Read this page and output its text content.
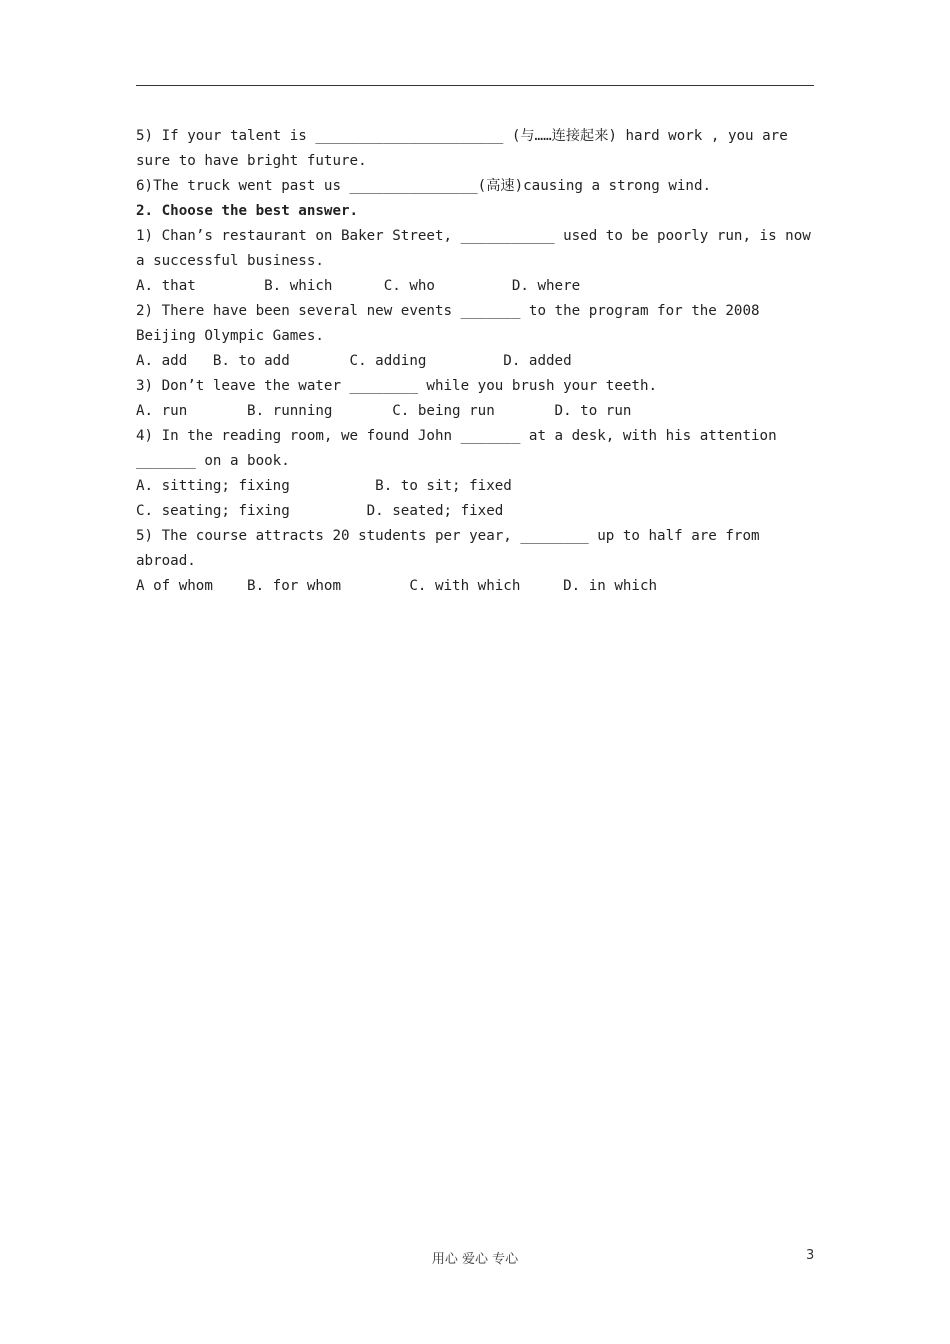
5) If your talent is ______________________ (与……连接起来) hard work , you are
sure to have bright future.
6)The truck went past us _______________(高速)causing a strong wind.
2. Choose the best answer.
1) Chan’s restaurant on Baker Street, ___________ used to be poorly run, is now
a successful business.
A. that        B. which      C. who         D. where
2) There have been several new events _______ to the program for the 2008
Beijing Olympic Games.
A. add   B. to add       C. adding         D. added
3) Don’t leave the water ________ while you brush your teeth.
A. run       B. running       C. being run       D. to run
4) In the reading room, we found John _______ at a desk, with his attention
_______ on a book.
A. sitting; fixing          B. to sit; fixed
C. seating; fixing         D. seated; fixed
5) The course attracts 20 students per year, ________ up to half are from
abroad.
A of whom    B. for whom        C. with which     D. in which
用心 爱心 专心	3
